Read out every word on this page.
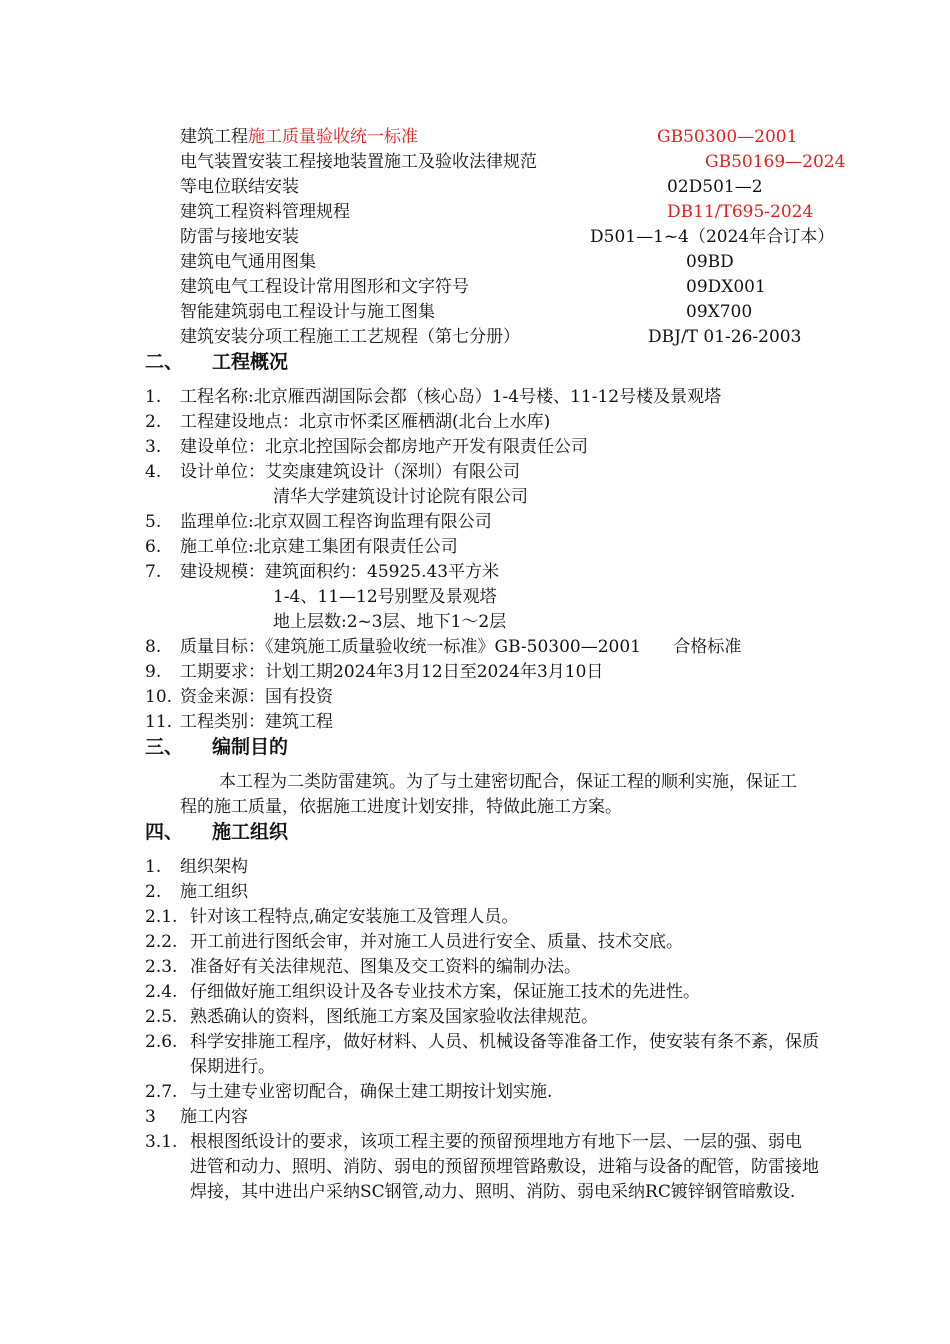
建筑工程施工质量验收统一标准	GB50300—2001
电气装置安装工程接地装置施工及验收法律规范	GB50169—2024
等电位联结安装	02D501—2
建筑工程资料管理规程	DB11/T695-2024
防雷与接地安装	D501—1~4（2024年合订本）
建筑电气通用图集	09BD
建筑电气工程设计常用图形和文字符号	09DX001
智能建筑弱电工程设计与施工图集	09X700
建筑安装分项工程施工工艺规程（第七分册）	DBJ/T 01-26-2003
二、 工程概况
1. 工程名称:北京雁西湖国际会都（核心岛）1-4号楼、11-12号楼及景观塔
2. 工程建设地点：北京市怀柔区雁栖湖(北台上水库)
3. 建设单位：北京北控国际会都房地产开发有限责任公司
4. 设计单位：艾奕康建筑设计（深圳）有限公司
清华大学建筑设计讨论院有限公司
5. 监理单位:北京双圆工程咨询监理有限公司
6. 施工单位:北京建工集团有限责任公司
7. 建设规模：建筑面积约：45925.43平方米
1-4、11—12号别墅及景观塔
地上层数:2~3层、地下1～2层
8. 质量目标：《建筑施工质量验收统一标准》GB-50300—2001      合格标准
9. 工期要求：计划工期2024年3月12日至2024年3月10日
10. 资金来源：国有投资
11. 工程类别：建筑工程
三、 编制目的
本工程为二类防雷建筑。为了与土建密切配合，保证工程的顺利实施，保证工
程的施工质量，依据施工进度计划安排，特做此施工方案。
四、 施工组织
1. 组织架构
2. 施工组织
2.1. 针对该工程特点,确定安装施工及管理人员。
2.2. 开工前进行图纸会审，并对施工人员进行安全、质量、技术交底。
2.3. 准备好有关法律规范、图集及交工资料的编制办法。
2.4. 仔细做好施工组织设计及各专业技术方案，保证施工技术的先进性。
2.5. 熟悉确认的资料，图纸施工方案及国家验收法律规范。
2.6. 科学安排施工程序，做好材料、人员、机械设备等准备工作，使安装有条不紊，保质
保期进行。
2.7. 与土建专业密切配合，确保土建工期按计划实施.
3 施工内容
3.1. 根根图纸设计的要求，该项工程主要的预留预埋地方有地下一层、一层的强、弱电
进管和动力、照明、消防、弱电的预留预埋管路敷设，进箱与设备的配管，防雷接地
焊接，其中进出户采纳SC钢管,动力、照明、消防、弱电采纳RC镀锌钢管暗敷设.
